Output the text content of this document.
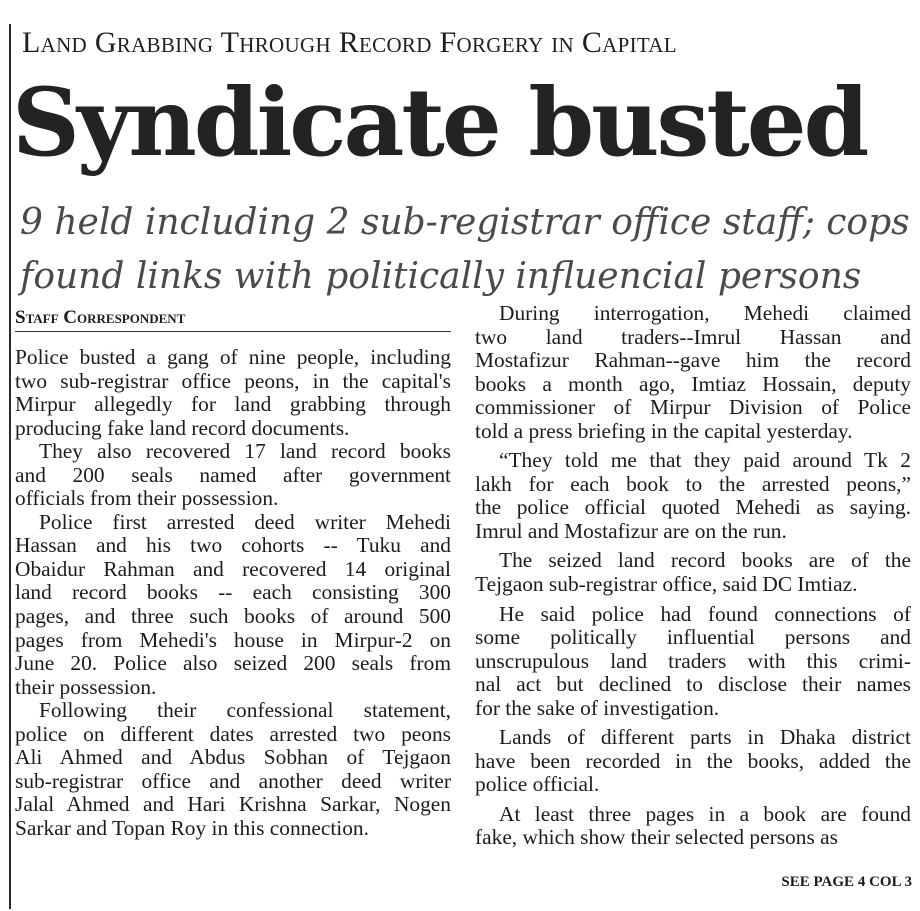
Land Grabbing Through Record Forgery in Capital
Syndicate busted
9 held including 2 sub-registrar office staff; cops
found links with politically influencial persons
Staff Correspondent
Police busted a gang of nine people, including
two sub-registrar office peons, in the capital's
Mirpur allegedly for land grabbing through
producing fake land record documents.
They also recovered 17 land record books
and 200 seals named after government
officials from their possession.
Police first arrested deed writer Mehedi
Hassan and his two cohorts -- Tuku and
Obaidur Rahman and recovered 14 original
land record books -- each consisting 300
pages, and three such books of around 500
pages from Mehedi's house in Mirpur-2 on
June 20. Police also seized 200 seals from
their possession.
Following their confessional statement,
police on different dates arrested two peons
Ali Ahmed and Abdus Sobhan of Tejgaon
sub-registrar office and another deed writer
Jalal Ahmed and Hari Krishna Sarkar, Nogen
Sarkar and Topan Roy in this connection.
During interrogation, Mehedi claimed
two land traders--Imrul Hassan and
Mostafizur Rahman--gave him the record
books a month ago, Imtiaz Hossain, deputy
commissioner of Mirpur Division of Police
told a press briefing in the capital yesterday.
“They told me that they paid around Tk 2
lakh for each book to the arrested peons,”
the police official quoted Mehedi as saying.
Imrul and Mostafizur are on the run.
The seized land record books are of the
Tejgaon sub-registrar office, said DC Imtiaz.
He said police had found connections of
some politically influential persons and
unscrupulous land traders with this crimi-
nal act but declined to disclose their names
for the sake of investigation.
Lands of different parts in Dhaka district
have been recorded in the books, added the
police official.
At least three pages in a book are found
fake, which show their selected persons as
SEE PAGE 4 COL 3
